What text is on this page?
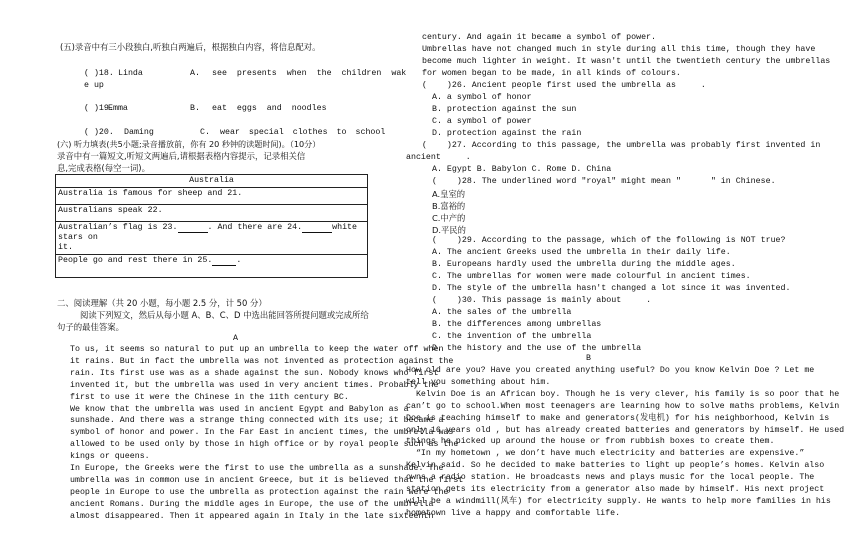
(五)录音中有三小段独白,听独白两遍后，根据独白内容，将信息配对。
( )18. Linda	A. see presents when the children wak
e up
( )19.
Emma	B. eat eggs and noodles
( )20. Daming	C. wear special clothes to school
(六) 听力填表(共5小题;录音播放前，你有 20 秒钟的读题时间)。（10分）
录音中有一篇短文,听短文两遍后,请根据表格内容提示，记录相关信
息,完成表格(每空一词)。
Australia
Australia is famous for sheep and 21.
Australians speak 22.
Australian’s flag is 23.	. And there are 24.	white stars on
it.
People go and rest there in 25.	.
二、阅读理解（共 20 小题，每小题 2.5 分，计 50 分）
阅读下列短文，然后从每小题 A、B、C、D 中选出能回答所提问题或完成所给
句子的最佳答案。
A
To us, it seems so natural to put up an umbrella to keep the water off when
it rains. But in fact the umbrella was not invented as protection against the
rain. Its first use was as a shade against the sun. Nobody knows who first
invented it, but the umbrella was used in very ancient times. Probably the
first to use it were the Chinese in the 11th century BC.
We know that the umbrella was used in ancient Egypt and Babylon as a
sunshade. And there was a strange thing connected with its use; it became a
symbol of honor and power. In the Far East in ancient times, the umbrella was
allowed to be used only by those in high office or by royal people such as the
kings or queens.
In Europe, the Greeks were the first to use the umbrella as a sunshade. The
umbrella was in common use in ancient Greece, but it is believed that the first
people in Europe to use the umbrella as protection against the rain were the
ancient Romans. During the middle ages in Europe, the use of the umbrella
almost disappeared. Then it appeared again in Italy in the late sixteenth
century. And again it became a symbol of power.
Umbrellas have not changed much in style during all this time, though they have
become much lighter in weight. It wasn't until the twentieth century the umbrellas
for women began to be made, in all kinds of colours.
(    )26. Ancient people first used the umbrella as     .
A. a symbol of honor
B. protection against the sun
C. a symbol of power
D. protection against the rain
(    )27. According to this passage, the umbrella was probably first invented in
ancient     .
A. Egypt B. Babylon C. Rome D. China
(    )28. The underlined word "royal" might mean "      " in Chinese.
A.皇室的
B.富裕的
C.中产的
D.平民的
(    )29. According to the passage, which of the following is NOT true?
A. The ancient Greeks used the umbrella in their daily life.
B. Europeans hardly used the umbrella during the middle ages.
C. The umbrellas for women were made colourful in ancient times.
D. The style of the umbrella hasn't changed a lot since it was invented.
(    )30. This passage is mainly about     .
A. the sales of the umbrella
B. the differences among umbrellas
C. the invention of the umbrella
D. the history and the use of the umbrella
B
How old are you? Have you created anything useful? Do you know Kelvin Doe ? Let me
tell you something about him.
Kelvin Doe is an African boy. Though he is very clever, his family is so poor that he
can’t go to school.When most teenagers are learning how to solve maths problems, Kelvin
Doe is teaching himself to make and generators(发电机) for his neighborhood, Kelvin is
only 16 years old , but has already created batteries and generators by himself. He used
things he picked up around the house or from rubbish boxes to create them.
“In my hometown , we don’t have much electricity and batteries are expensive.”
Kelvin said. So he decided to make batteries to light up people’s homes. Kelvin also
owns a radio station. He broadcasts news and plays music for the local people. The
station gets its electricity from a generator also made by himself. His next project
will be a windmill(风车) for electricity supply. He wants to help more families in his
hometown live a happy and comfortable life.
